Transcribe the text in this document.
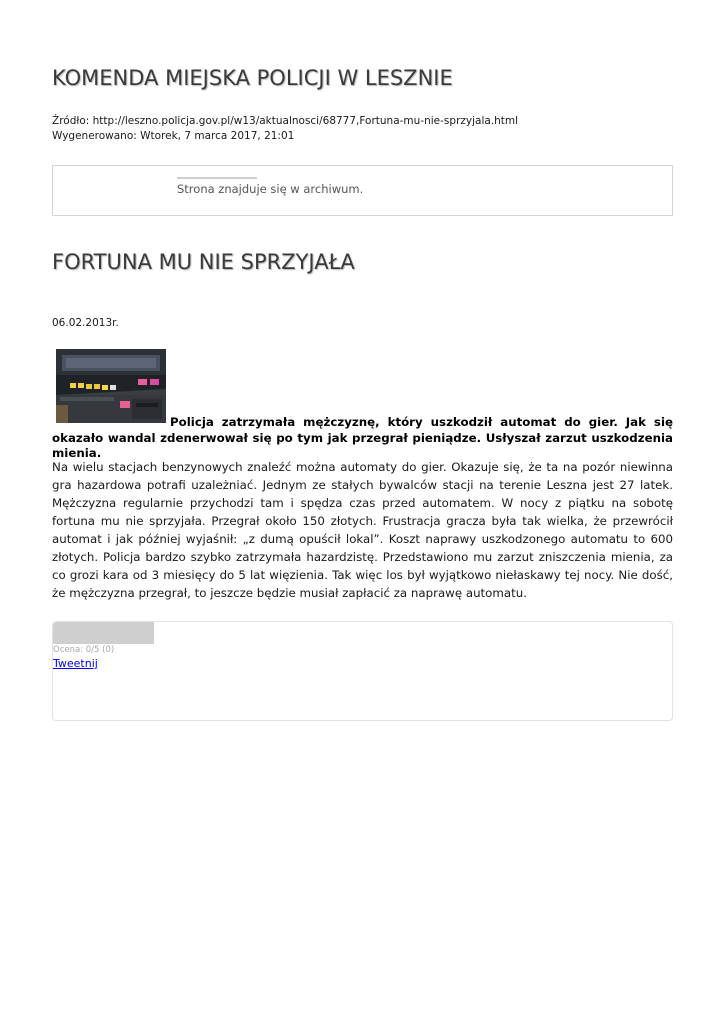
KOMENDA MIEJSKA POLICJI W LESZNIE
Źródło: http://leszno.policja.gov.pl/w13/aktualnosci/68777,Fortuna-mu-nie-sprzyjala.html
Wygenerowano: Wtorek, 7 marca 2017, 21:01
Strona znajduje się w archiwum.
FORTUNA MU NIE SPRZYJAŁA
06.02.2013r.
Policja zatrzymała mężczyznę, który uszkodził automat do gier. Jak się okazało wandal zdenerwował się po tym jak przegrał pieniądze. Usłyszał zarzut uszkodzenia mienia.

Na wielu stacjach benzynowych znaleźć można automaty do gier. Okazuje się, że ta na pozór niewinna gra hazardowa potrafi uzależniać. Jednym ze stałych bywalców stacji na terenie Leszna jest 27 latek. Mężczyzna regularnie przychodzi tam i spędza czas przed automatem. W nocy z piątku na sobotę fortuna mu nie sprzyjała. Przegrał około 150 złotych. Frustracja gracza była tak wielka, że przewrócił automat i jak później wyjaśnił: „z dumą opuścił lokal”. Koszt naprawy uszkodzonego automatu to 600 złotych. Policja bardzo szybko zatrzymała hazardzistę. Przedstawiono mu zarzut zniszczenia mienia, za co grozi kara od 3 miesięcy do 5 lat więzienia. Tak więc los był wyjątkowo niełaskawy tej nocy. Nie dość, że mężczyzna przegrał, to jeszcze będzie musiał zapłacić za naprawę automatu.

Ocena: 0/5 (0)
Tweetnij
